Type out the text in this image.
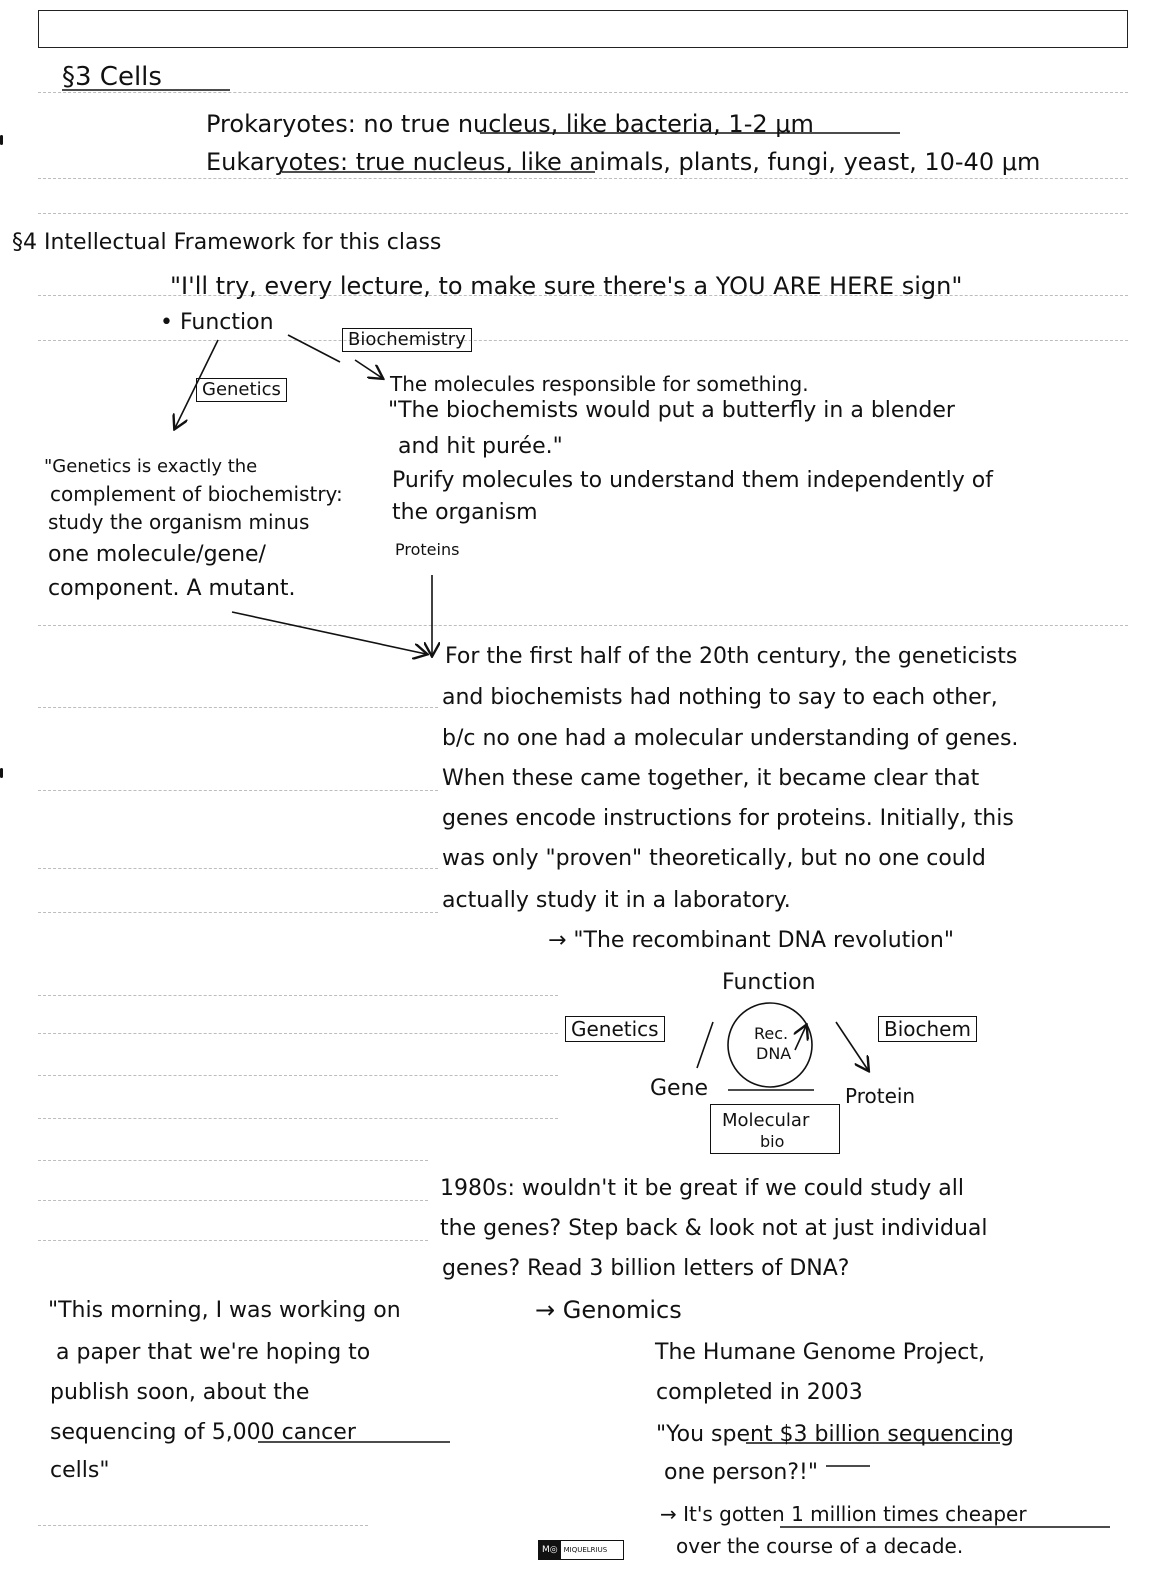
§3 Cells
Prokaryotes: no true nucleus, like bacteria, 1-2 μm
Eukaryotes: true nucleus, like animals, plants, fungi, yeast, 10-40 μm
§4 Intellectual Framework for this class
"I'll try, every lecture, to make sure there's a YOU ARE HERE sign"
• Function
Biochemistry
Genetics	The molecules responsible for something.
"The biochemists would put a butterfly in a blender
and hit purée."
Purify molecules to understand them independently of
the organism
Proteins
"Genetics is exactly the
complement of biochemistry:
study the organism minus
one molecule/gene/
component. A mutant.
For the first half of the 20th century, the geneticists
and biochemists had nothing to say to each other,
b/c no one had a molecular understanding of genes.
When these came together, it became clear that
genes encode instructions for proteins. Initially, this
was only "proven" theoretically, but no one could
actually study it in a laboratory.
→ "The recombinant DNA revolution"
Function
Genetics	Rec.
DNA
Biochem
Gene	Protein
Molecular
bio
1980s: wouldn't it be great if we could study all
the genes? Step back & look not at just individual
genes? Read 3 billion letters of DNA?
→ Genomics
"This morning, I was working on
a paper that we're hoping to
publish soon, about the
sequencing of 5,000 cancer
cells"
The Humane Genome Project,
completed in 2003
"You spent $3 billion sequencing
one person?!"
→ It's gotten 1 million times cheaper
over the course of a decade.
M◎ MIQUELRIUS
